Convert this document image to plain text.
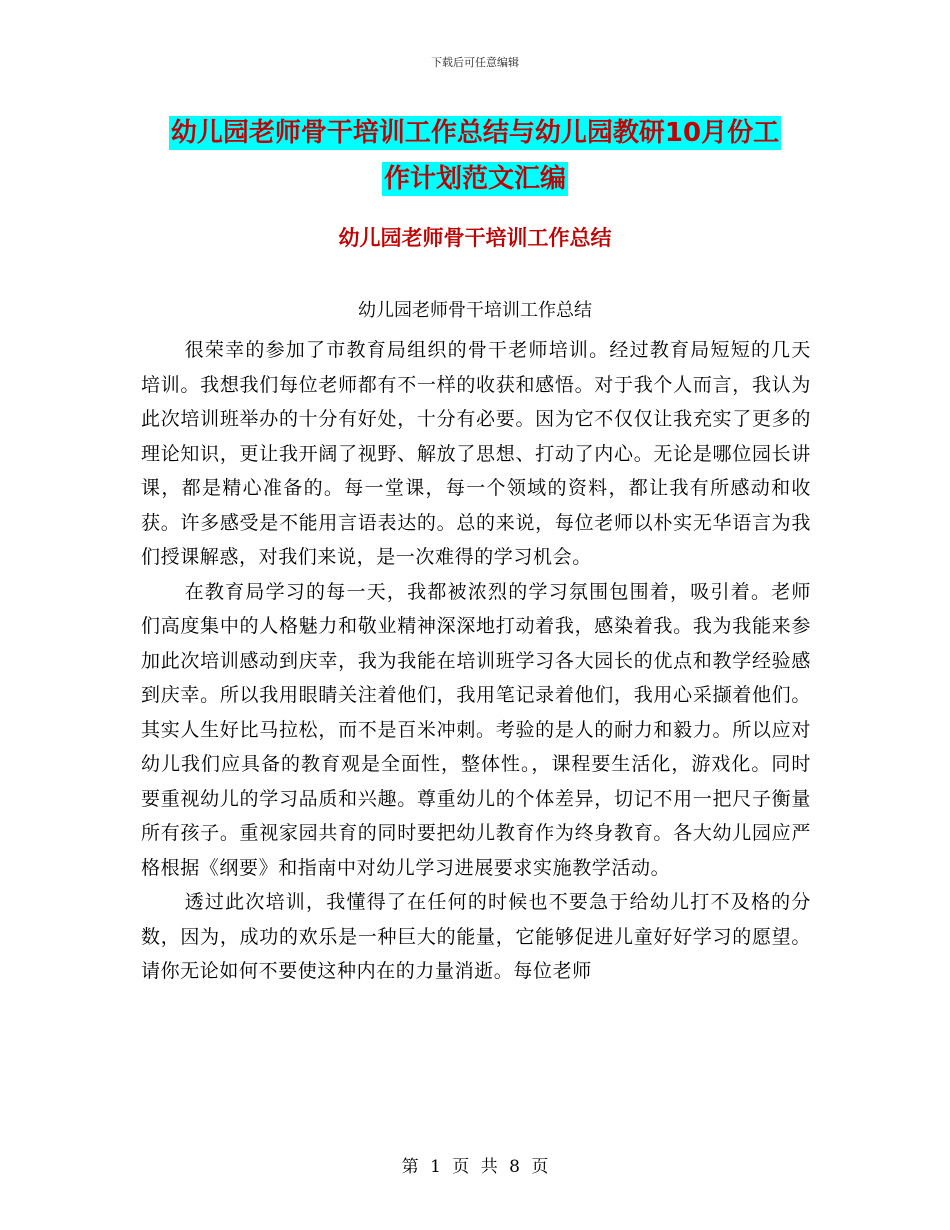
下载后可任意编辑
幼儿园老师骨干培训工作总结与幼儿园教研10月份工
作计划范文汇编
幼儿园老师骨干培训工作总结
幼儿园老师骨干培训工作总结

很荣幸的参加了市教育局组织的骨干老师培训。经过教育局短短的几天培训。我想我们每位老师都有不一样的收获和感悟。对于我个人而言，我认为此次培训班举办的十分有好处，十分有必要。因为它不仅仅让我充实了更多的理论知识，更让我开阔了视野、解放了思想、打动了内心。无论是哪位园长讲课，都是精心准备的。每一堂课，每一个领域的资料，都让我有所感动和收获。许多感受是不能用言语表达的。总的来说，每位老师以朴实无华语言为我们授课解惑，对我们来说，是一次难得的学习机会。

在教育局学习的每一天，我都被浓烈的学习氛围包围着，吸引着。老师们高度集中的人格魅力和敬业精神深深地打动着我，感染着我。我为我能来参加此次培训感动到庆幸，我为我能在培训班学习各大园长的优点和教学经验感到庆幸。所以我用眼睛关注着他们，我用笔记录着他们，我用心采撷着他们。其实人生好比马拉松，而不是百米冲刺。考验的是人的耐力和毅力。所以应对幼儿我们应具备的教育观是全面性，整体性。，课程要生活化，游戏化。同时要重视幼儿的学习品质和兴趣。尊重幼儿的个体差异，切记不用一把尺子衡量所有孩子。重视家园共育的同时要把幼儿教育作为终身教育。各大幼儿园应严格根据《纲要》和指南中对幼儿学习进展要求实施教学活动。

透过此次培训，我懂得了在任何的时候也不要急于给幼儿打不及格的分数，因为，成功的欢乐是一种巨大的能量，它能够促进儿童好好学习的愿望。请你无论如何不要使这种内在的力量消逝。每位老师

第 1 页 共 8 页
